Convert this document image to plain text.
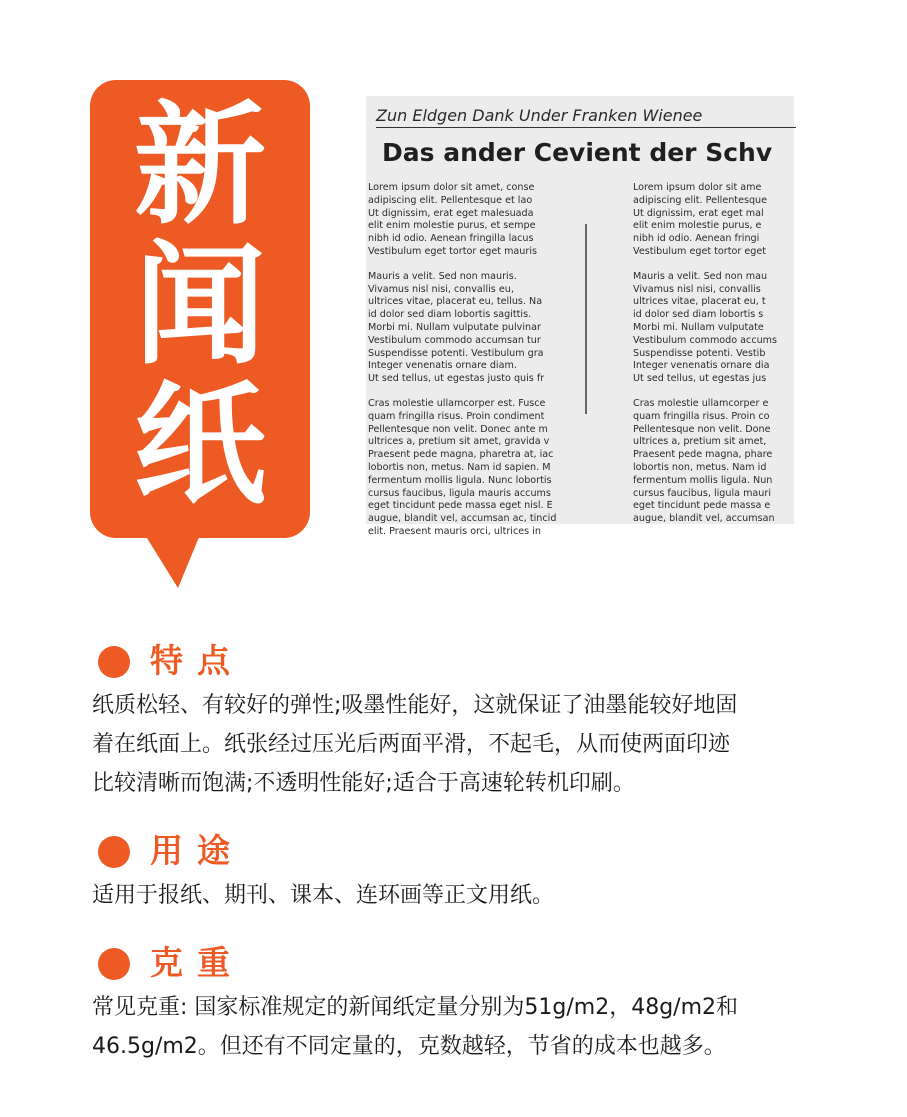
新
闻
纸
Zun Eldgen Dank Under Franken Wienee
Das ander Cevient der Schv

Lorem ipsum dolor sit amet, conse
adipiscing elit. Pellentesque et lao
Ut dignissim, erat eget malesuada
elit enim molestie purus, et sempe
nibh id odio. Aenean fringilla lacus
Vestibulum eget tortor eget mauris

Mauris a velit. Sed non mauris.
Vivamus nisl nisi, convallis eu,
ultrices vitae, placerat eu, tellus. Na
id dolor sed diam lobortis sagittis.
Morbi mi. Nullam vulputate pulvinar
Vestibulum commodo accumsan tur
Suspendisse potenti. Vestibulum gra
Integer venenatis ornare diam.
Ut sed tellus, ut egestas justo quis fr

Cras molestie ullamcorper est. Fusce
quam fringilla risus. Proin condiment
Pellentesque non velit. Donec ante m
ultrices a, pretium sit amet, gravida v
Praesent pede magna, pharetra at, iac
lobortis non, metus. Nam id sapien. M
fermentum mollis ligula. Nunc lobortis
cursus faucibus, ligula mauris accums
eget tincidunt pede massa eget nisl. E
augue, blandit vel, accumsan ac, tincid
elit. Praesent mauris orci, ultrices in

Lorem ipsum dolor sit ame
adipiscing elit. Pellentesque
Ut dignissim, erat eget mal
elit enim molestie purus, e
nibh id odio. Aenean fringi
Vestibulum eget tortor eget

Mauris a velit. Sed non mau
Vivamus nisl nisi, convallis
ultrices vitae, placerat eu, t
id dolor sed diam lobortis s
Morbi mi. Nullam vulputate
Vestibulum commodo accums
Suspendisse potenti. Vestib
Integer venenatis ornare dia
Ut sed tellus, ut egestas jus

Cras molestie ullamcorper e
quam fringilla risus. Proin co
Pellentesque non velit. Done
ultrices a, pretium sit amet,
Praesent pede magna, phare
lobortis non, metus. Nam id
fermentum mollis ligula. Nun
cursus faucibus, ligula mauri
eget tincidunt pede massa e
augue, blandit vel, accumsan

特点
纸质松轻、有较好的弹性;吸墨性能好，这就保证了油墨能较好地固
着在纸面上。纸张经过压光后两面平滑，不起毛，从而使两面印迹
比较清晰而饱满;不透明性能好;适合于高速轮转机印刷。
用途
适用于报纸、期刊、课本、连环画等正文用纸。
克重
常见克重: 国家标准规定的新闻纸定量分别为51g/m2，48g/m2和
46.5g/m2。但还有不同定量的，克数越轻，节省的成本也越多。
